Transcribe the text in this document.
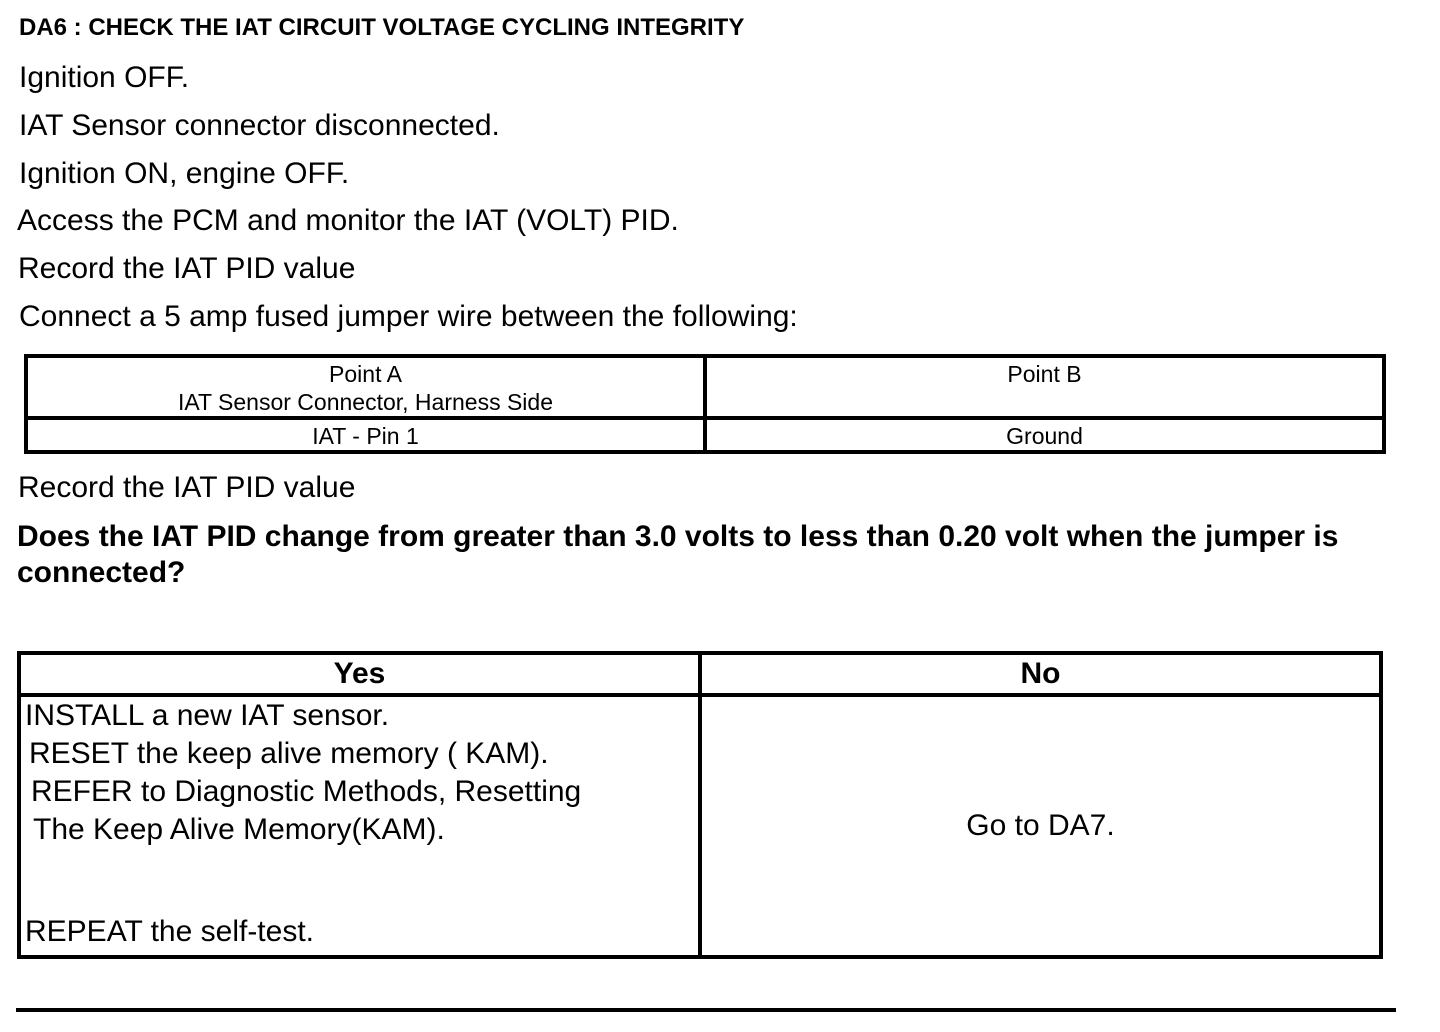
DA6 : CHECK THE IAT CIRCUIT VOLTAGE CYCLING INTEGRITY
Ignition OFF.
IAT Sensor connector disconnected.
Ignition ON, engine OFF.
Access the PCM and monitor the IAT (VOLT) PID.
Record the IAT PID value
Connect a 5 amp fused jumper wire between the following:
Point A
IAT Sensor Connector, Harness Side	Point B

IAT - Pin 1	Ground
Record the IAT PID value
Does the IAT PID change from greater than 3.0 volts to less than 0.20 volt when the jumper is connected?
Yes	No

INSTALL a new IAT sensor.
RESET the keep alive memory ( KAM).
REFER to Diagnostic Methods, Resetting
The Keep Alive Memory(KAM).
REPEAT the self-test.	Go to DA7.
